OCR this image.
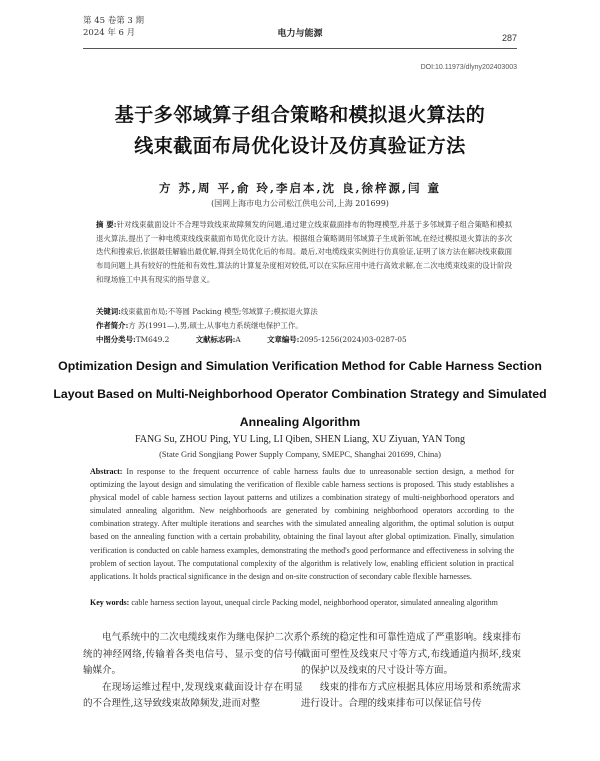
第 45 卷第 3 期
2024 年 6 月	电力与能源	287
DOI:10.11973/dlyny202403003
基于多邻域算子组合策略和模拟退火算法的
线束截面布局优化设计及仿真验证方法
方 苏,周 平,俞 玲,李启本,沈 良,徐梓源,闫 童
(国网上海市电力公司松江供电公司,上海 201699)
摘 要:针对线束截面设计不合理导致线束故障频发的问题,通过建立线束截面排布的物理模型,并基于多邻域算子组合策略和模拟退火算法,提出了一种电缆束线线束截面布局优化设计方法。根据组合策略调用邻域算子生成新邻域,在经过模拟退火算法的多次迭代和搜索后,依据最佳解输出最优解,得到全局优化后的布局。最后,对电缆线束实例进行仿真验证,证明了该方法在解决线束截面布局问题上具有较好的性能和有效性,算法的计算复杂度相对较低,可以在实际应用中进行高效求解,在二次电缆束线束的设计阶段和现场施工中具有现实的指导意义。
关键词:线束截面布局;不等圆 Packing 模型;邻域算子;模拟退火算法
作者简介:方 苏(1991—),男,硕士,从事电力系统继电保护工作。
中图分类号:TM649.2	文献标志码:A	文章编号:2095-1256(2024)03-0287-05
Optimization Design and Simulation Verification Method for Cable Harness Section
Layout Based on Multi-Neighborhood Operator Combination Strategy and Simulated
Annealing Algorithm
FANG Su, ZHOU Ping, YU Ling, LI Qiben, SHEN Liang, XU Ziyuan, YAN Tong
(State Grid Songjiang Power Supply Company, SMEPC, Shanghai 201699, China)
Abstract: In response to the frequent occurrence of cable harness faults due to unreasonable section design, a method for optimizing the layout design and simulating the verification of flexible cable harness sections is proposed. This study establishes a physical model of cable harness section layout patterns and utilizes a combination strategy of multi-neighborhood operators and simulated annealing algorithm. New neighborhoods are generated by combining neighborhood operators according to the combination strategy. After multiple iterations and searches with the simulated annealing algorithm, the optimal solution is output based on the annealing function with a certain probability, obtaining the final layout after global optimization. Finally, simulation verification is conducted on cable harness examples, demonstrating the method's good performance and effectiveness in solving the problem of section layout. The computational complexity of the algorithm is relatively low, enabling efficient solution in practical applications. It holds practical significance in the design and on-site construction of secondary cable flexible harnesses.
Key words: cable harness section layout, unequal circle Packing model, neighborhood operator, simulated annealing algorithm

电气系统中的二次电缆线束作为继电保护二次系统的神经网络,传输着各类电信号、显示变的信号传输媒介。

在现场运维过程中,发现线束截面设计存在明显的不合理性,这导致线束故障频发,进而对整

个系统的稳定性和可靠性造成了严重影响。线束排布截面可塑性及线束尺寸等方式,布线通道内损坏,线束的保护以及线束的尺寸设计等方面。

线束的排布方式应根据具体应用场景和系统需求进行设计。合理的线束排布可以保证信号传
